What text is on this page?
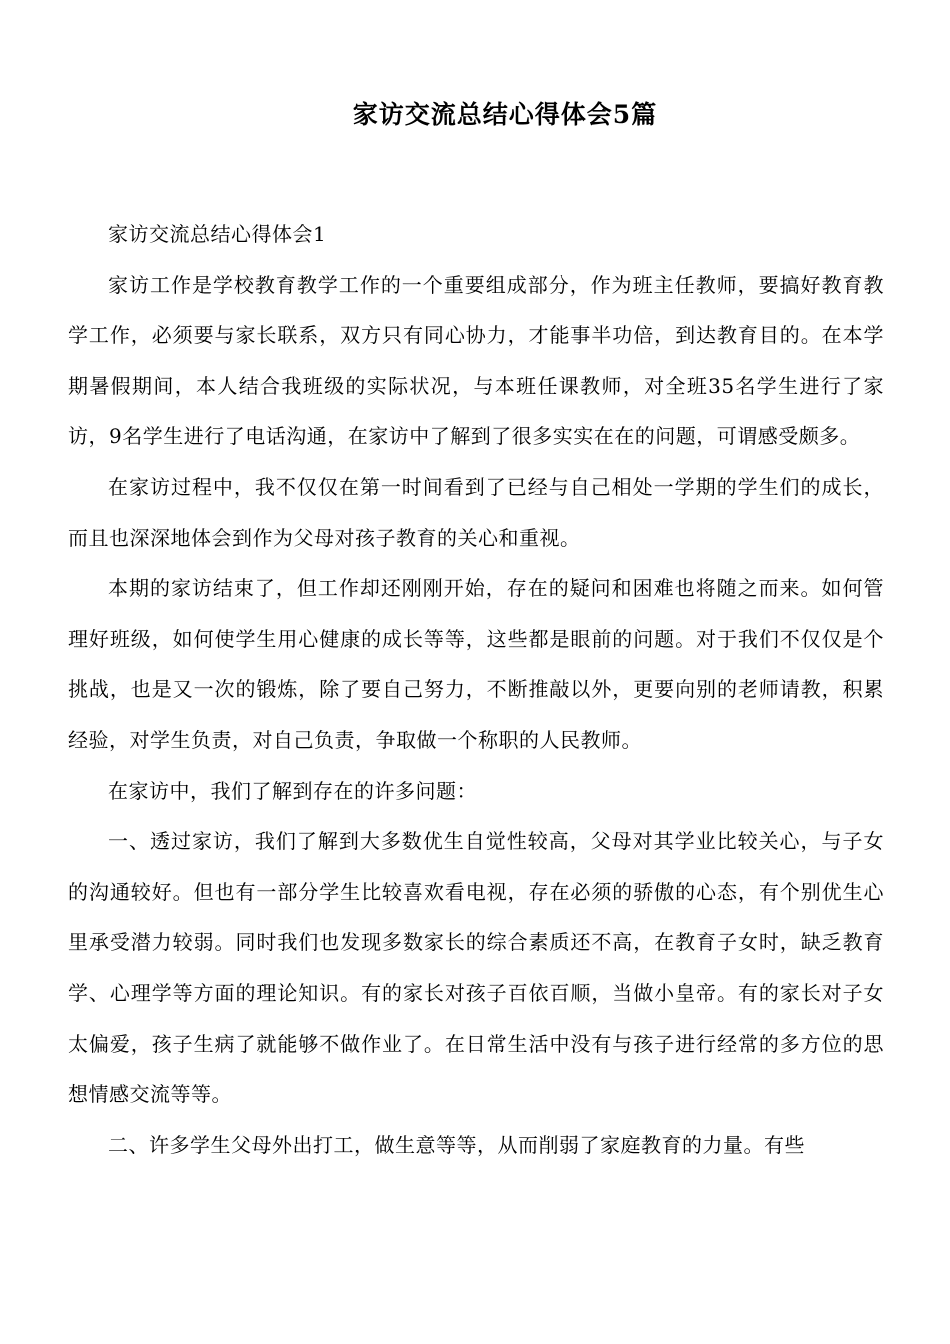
家访交流总结心得体会5篇

家访交流总结心得体会1

家访工作是学校教育教学工作的一个重要组成部分，作为班主任教师，要搞好教育教学工作，必须要与家长联系，双方只有同心协力，才能事半功倍，到达教育目的。在本学期暑假期间，本人结合我班级的实际状况，与本班任课教师，对全班35名学生进行了家访，9名学生进行了电话沟通，在家访中了解到了很多实实在在的问题，可谓感受颇多。

在家访过程中，我不仅仅在第一时间看到了已经与自己相处一学期的学生们的成长，而且也深深地体会到作为父母对孩子教育的关心和重视。

本期的家访结束了，但工作却还刚刚开始，存在的疑问和困难也将随之而来。如何管理好班级，如何使学生用心健康的成长等等，这些都是眼前的问题。对于我们不仅仅是个挑战，也是又一次的锻炼，除了要自己努力，不断推敲以外，更要向别的老师请教，积累经验，对学生负责，对自己负责，争取做一个称职的人民教师。

在家访中，我们了解到存在的许多问题：

一、透过家访，我们了解到大多数优生自觉性较高，父母对其学业比较关心，与子女的沟通较好。但也有一部分学生比较喜欢看电视，存在必须的骄傲的心态，有个别优生心里承受潜力较弱。同时我们也发现多数家长的综合素质还不高，在教育子女时，缺乏教育学、心理学等方面的理论知识。有的家长对孩子百依百顺，当做小皇帝。有的家长对子女太偏爱，孩子生病了就能够不做作业了。在日常生活中没有与孩子进行经常的多方位的思想情感交流等等。

二、许多学生父母外出打工，做生意等等，从而削弱了家庭教育的力量。有些
